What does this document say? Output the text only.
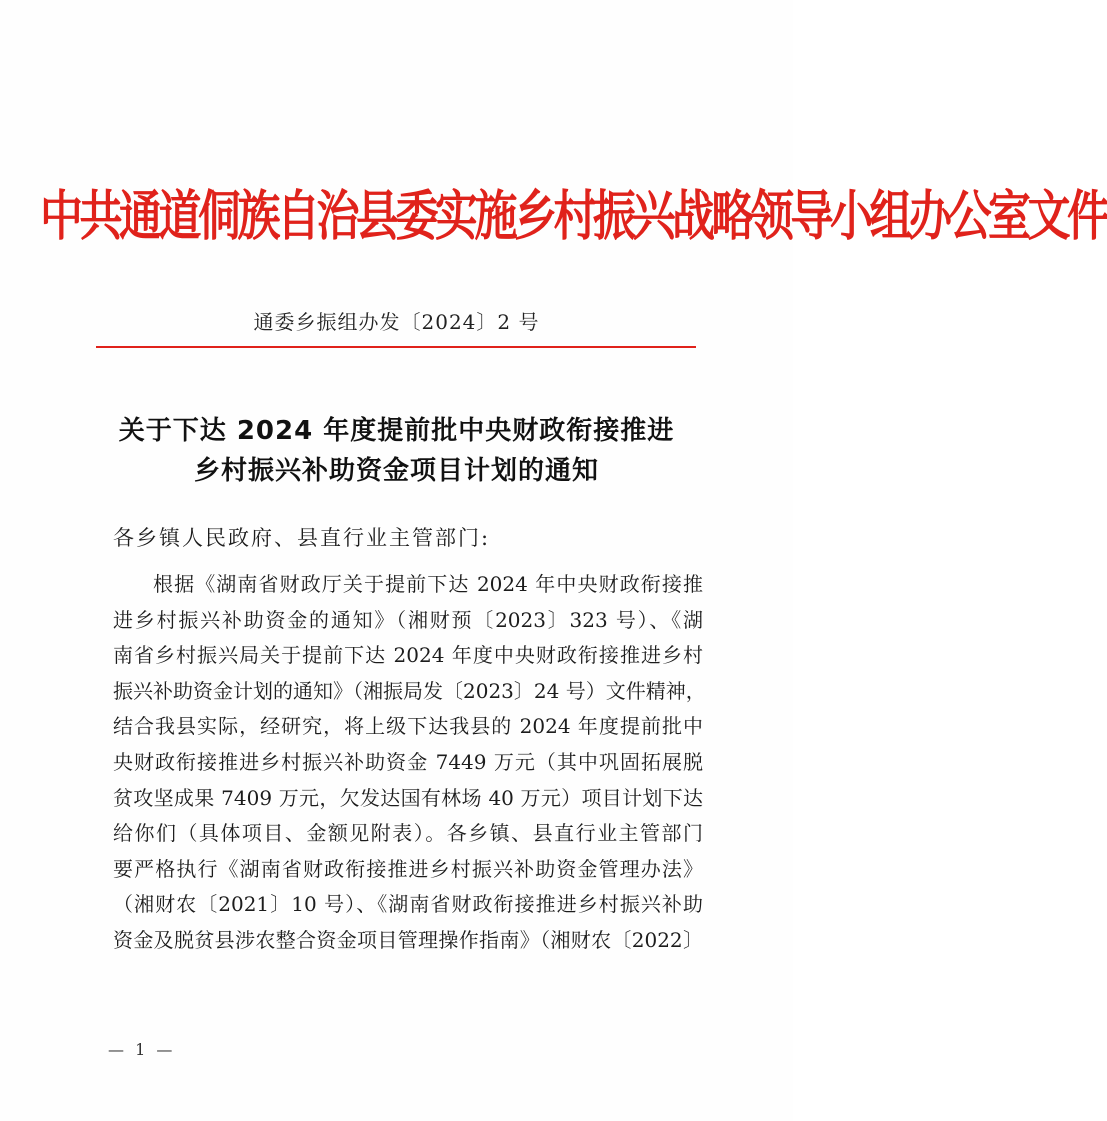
中共通道侗族自治县委实施乡村振兴战略领导小组办公室文件
通委乡振组办发〔2024〕2 号
关于下达 2024 年度提前批中央财政衔接推进
乡村振兴补助资金项目计划的通知
各乡镇人民政府、县直行业主管部门:
根据《湖南省财政厅关于提前下达 2024 年中央财政衔接推
进乡村振兴补助资金的通知》（湘财预〔2023〕323 号）、《湖
南省乡村振兴局关于提前下达 2024 年度中央财政衔接推进乡村
振兴补助资金计划的通知》（湘振局发〔2023〕24 号）文件精神，
结合我县实际，经研究，将上级下达我县的 2024 年度提前批中
央财政衔接推进乡村振兴补助资金 7449 万元（其中巩固拓展脱
贫攻坚成果 7409 万元，欠发达国有林场 40 万元）项目计划下达
给你们（具体项目、金额见附表）。各乡镇、县直行业主管部门
要严格执行《湖南省财政衔接推进乡村振兴补助资金管理办法》
（湘财农〔2021〕10 号）、《湖南省财政衔接推进乡村振兴补助
资金及脱贫县涉农整合资金项目管理操作指南》（湘财农〔2022〕
— 1 —
